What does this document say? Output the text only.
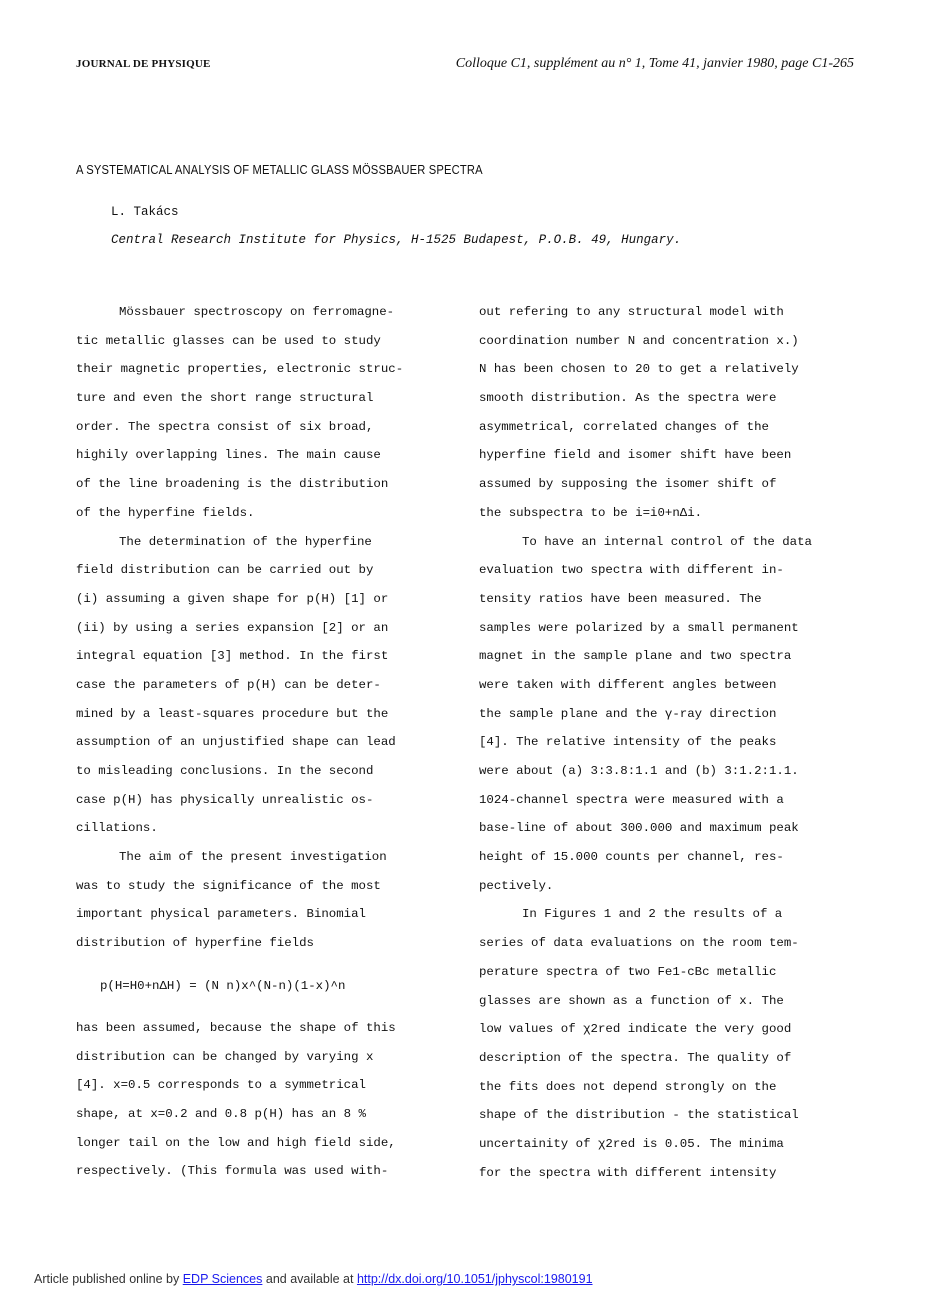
JOURNAL DE PHYSIQUE	Colloque C1, supplément au n° 1, Tome 41, janvier 1980, page C1-265
A SYSTEMATICAL ANALYSIS OF METALLIC GLASS MÖSSBAUER SPECTRA
L. Takács
Central Research Institute for Physics, H-1525 Budapest, P.O.B. 49, Hungary.
Mössbauer spectroscopy on ferromagne-
tic metallic glasses can be used to study
their magnetic properties, electronic struc-
ture and even the short range structural
order. The spectra consist of six broad,
highily overlapping lines. The main cause
of the line broadening is the distribution
of the hyperfine fields.
The determination of the hyperfine
field distribution can be carried out by
(i) assuming a given shape for p(H) [1] or
(ii) by using a series expansion [2] or an
integral equation [3] method. In the first
case the parameters of p(H) can be deter-
mined by a least-squares procedure but the
assumption of an unjustified shape can lead
to misleading conclusions. In the second
case p(H) has physically unrealistic os-
cillations.
The aim of the present investigation
was to study the significance of the most
important physical parameters. Binomial
distribution of hyperfine fields
p(H=H0+nΔH) = (N n)x^(N-n)(1-x)^n
has been assumed, because the shape of this
distribution can be changed by varying x
[4]. x=0.5 corresponds to a symmetrical
shape, at x=0.2 and 0.8 p(H) has an 8 %
longer tail on the low and high field side,
respectively. (This formula was used with-
out refering to any structural model with
coordination number N and concentration x.)
N has been chosen to 20 to get a relatively
smooth distribution. As the spectra were
asymmetrical, correlated changes of the
hyperfine field and isomer shift have been
assumed by supposing the isomer shift of
the subspectra to be i=i0+nΔi.
To have an internal control of the data
evaluation two spectra with different in-
tensity ratios have been measured. The
samples were polarized by a small permanent
magnet in the sample plane and two spectra
were taken with different angles between
the sample plane and the γ-ray direction
[4]. The relative intensity of the peaks
were about (a) 3:3.8:1.1 and (b) 3:1.2:1.1.
1024-channel spectra were measured with a
base-line of about 300.000 and maximum peak
height of 15.000 counts per channel, res-
pectively.
In Figures 1 and 2 the results of a
series of data evaluations on the room tem-
perature spectra of two Fe1-cBc metallic
glasses are shown as a function of x. The
low values of χ2red indicate the very good
description of the spectra. The quality of
the fits does not depend strongly on the
shape of the distribution - the statistical
uncertainity of χ2red is 0.05. The minima
for the spectra with different intensity
Article published online by EDP Sciences and available at http://dx.doi.org/10.1051/jphyscol:1980191
